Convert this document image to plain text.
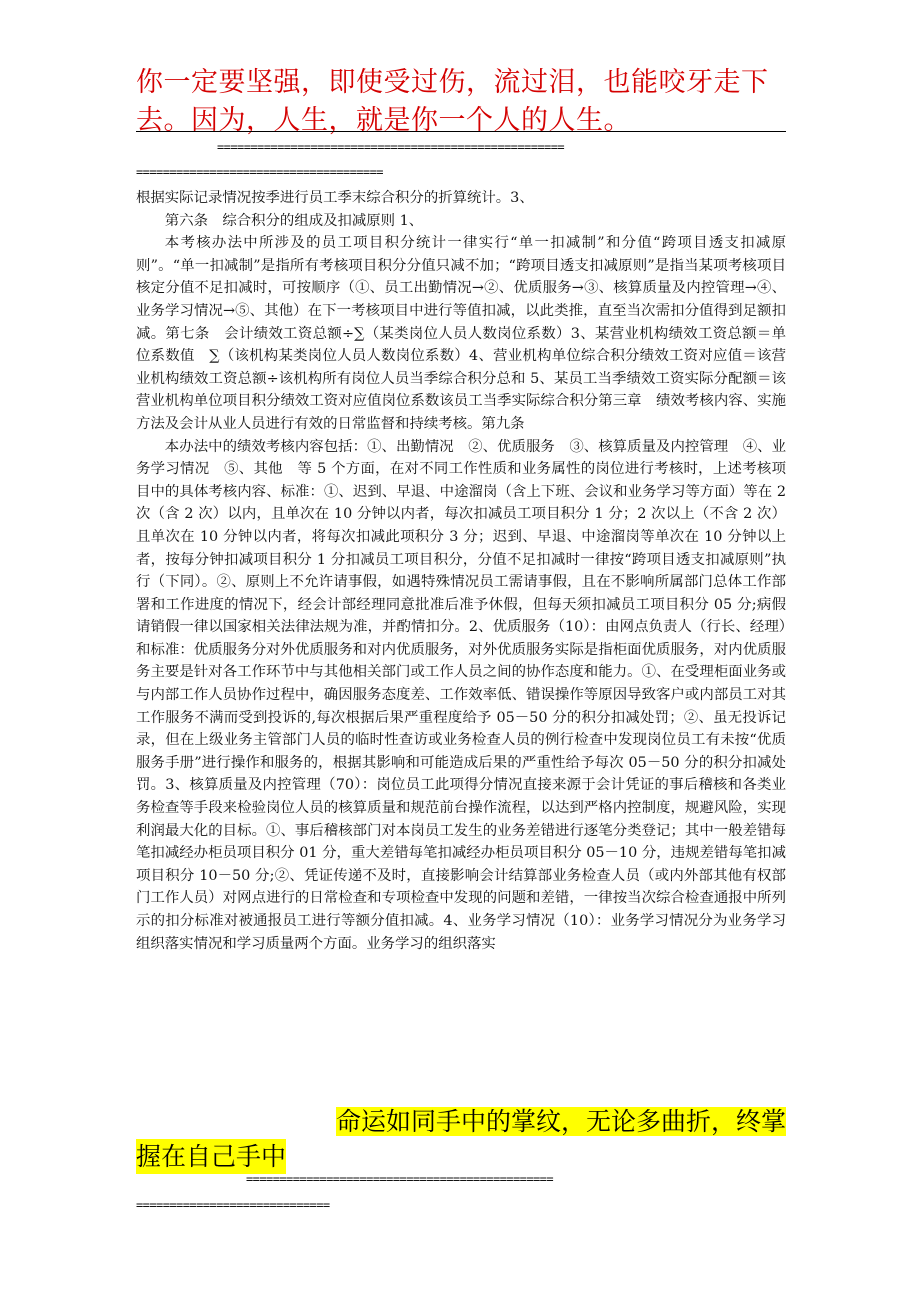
你一定要坚强，即使受过伤，流过泪，也能咬牙走下去。因为，人生，就是你一个人的人生。
====================================================
=====================================

根据实际记录情况按季进行员工季末综合积分的折算统计。3、

第六条　综合积分的组成及扣减原则 1、

本考核办法中所涉及的员工项目积分统计一律实行“单一扣减制”和分值“跨项目透支扣减原则”。“单一扣减制”是指所有考核项目积分分值只减不加；“跨项目透支扣减原则”是指当某项考核项目核定分值不足扣减时，可按顺序（①、员工出勤情况→②、优质服务→③、核算质量及内控管理→④、业务学习情况→⑤、其他）在下一考核项目中进行等值扣减，以此类推，直至当次需扣分值得到足额扣减。第七条　会计绩效工资总额÷∑（某类岗位人员人数岗位系数）3、某营业机构绩效工资总额＝单位系数值　∑（该机构某类岗位人员人数岗位系数）4、营业机构单位综合积分绩效工资对应值＝该营业机构绩效工资总额÷该机构所有岗位人员当季综合积分总和 5、某员工当季绩效工资实际分配额＝该营业机构单位项目积分绩效工资对应值岗位系数该员工当季实际综合积分第三章　绩效考核内容、实施方法及会计从业人员进行有效的日常监督和持续考核。第九条

本办法中的绩效考核内容包括：①、出勤情况　②、优质服务　③、核算质量及内控管理　④、业务学习情况　⑤、其他　等 5 个方面，在对不同工作性质和业务属性的岗位进行考核时，上述考核项目中的具体考核内容、标准：①、迟到、早退、中途溜岗（含上下班、会议和业务学习等方面）等在 2 次（含 2 次）以内，且单次在 10 分钟以内者，每次扣减员工项目积分 1 分；2 次以上（不含 2 次）且单次在 10 分钟以内者，将每次扣减此项积分 3 分；迟到、早退、中途溜岗等单次在 10 分钟以上者，按每分钟扣减项目积分 1 分扣减员工项目积分，分值不足扣减时一律按“跨项目透支扣减原则”执行（下同）。②、原则上不允许请事假，如遇特殊情况员工需请事假，且在不影响所属部门总体工作部署和工作进度的情况下，经会计部经理同意批准后准予休假，但每天须扣减员工项目积分 05 分;病假请销假一律以国家相关法律法规为准，并酌情扣分。2、优质服务（10）：由网点负责人（行长、经理）和标准：优质服务分对外优质服务和对内优质服务，对外优质服务实际是指柜面优质服务，对内优质服务主要是针对各工作环节中与其他相关部门或工作人员之间的协作态度和能力。①、在受理柜面业务或与内部工作人员协作过程中，确因服务态度差、工作效率低、错误操作等原因导致客户或内部员工对其工作服务不满而受到投诉的,每次根据后果严重程度给予 05－50 分的积分扣减处罚；②、虽无投诉记录，但在上级业务主管部门人员的临时性查访或业务检查人员的例行检查中发现岗位员工有未按“优质服务手册”进行操作和服务的，根据其影响和可能造成后果的严重性给予每次 05－50 分的积分扣减处罚。3、核算质量及内控管理（70）：岗位员工此项得分情况直接来源于会计凭证的事后稽核和各类业务检查等手段来检验岗位人员的核算质量和规范前台操作流程，以达到严格内控制度，规避风险，实现利润最大化的目标。①、事后稽核部门对本岗员工发生的业务差错进行逐笔分类登记；其中一般差错每笔扣减经办柜员项目积分 01 分，重大差错每笔扣减经办柜员项目积分 05－10 分，违规差错每笔扣减项目积分 10－50 分;②、凭证传递不及时，直接影响会计结算部业务检查人员（或内外部其他有权部门工作人员）对网点进行的日常检查和专项检查中发现的问题和差错，一律按当次综合检查通报中所列示的扣分标准对被通报员工进行等额分值扣减。4、业务学习情况（10）：业务学习情况分为业务学习组织落实情况和学习质量两个方面。业务学习的组织落实

命运如同手中的掌纹，无论多曲折，终掌
握在自己手中
==============================================
=============================
